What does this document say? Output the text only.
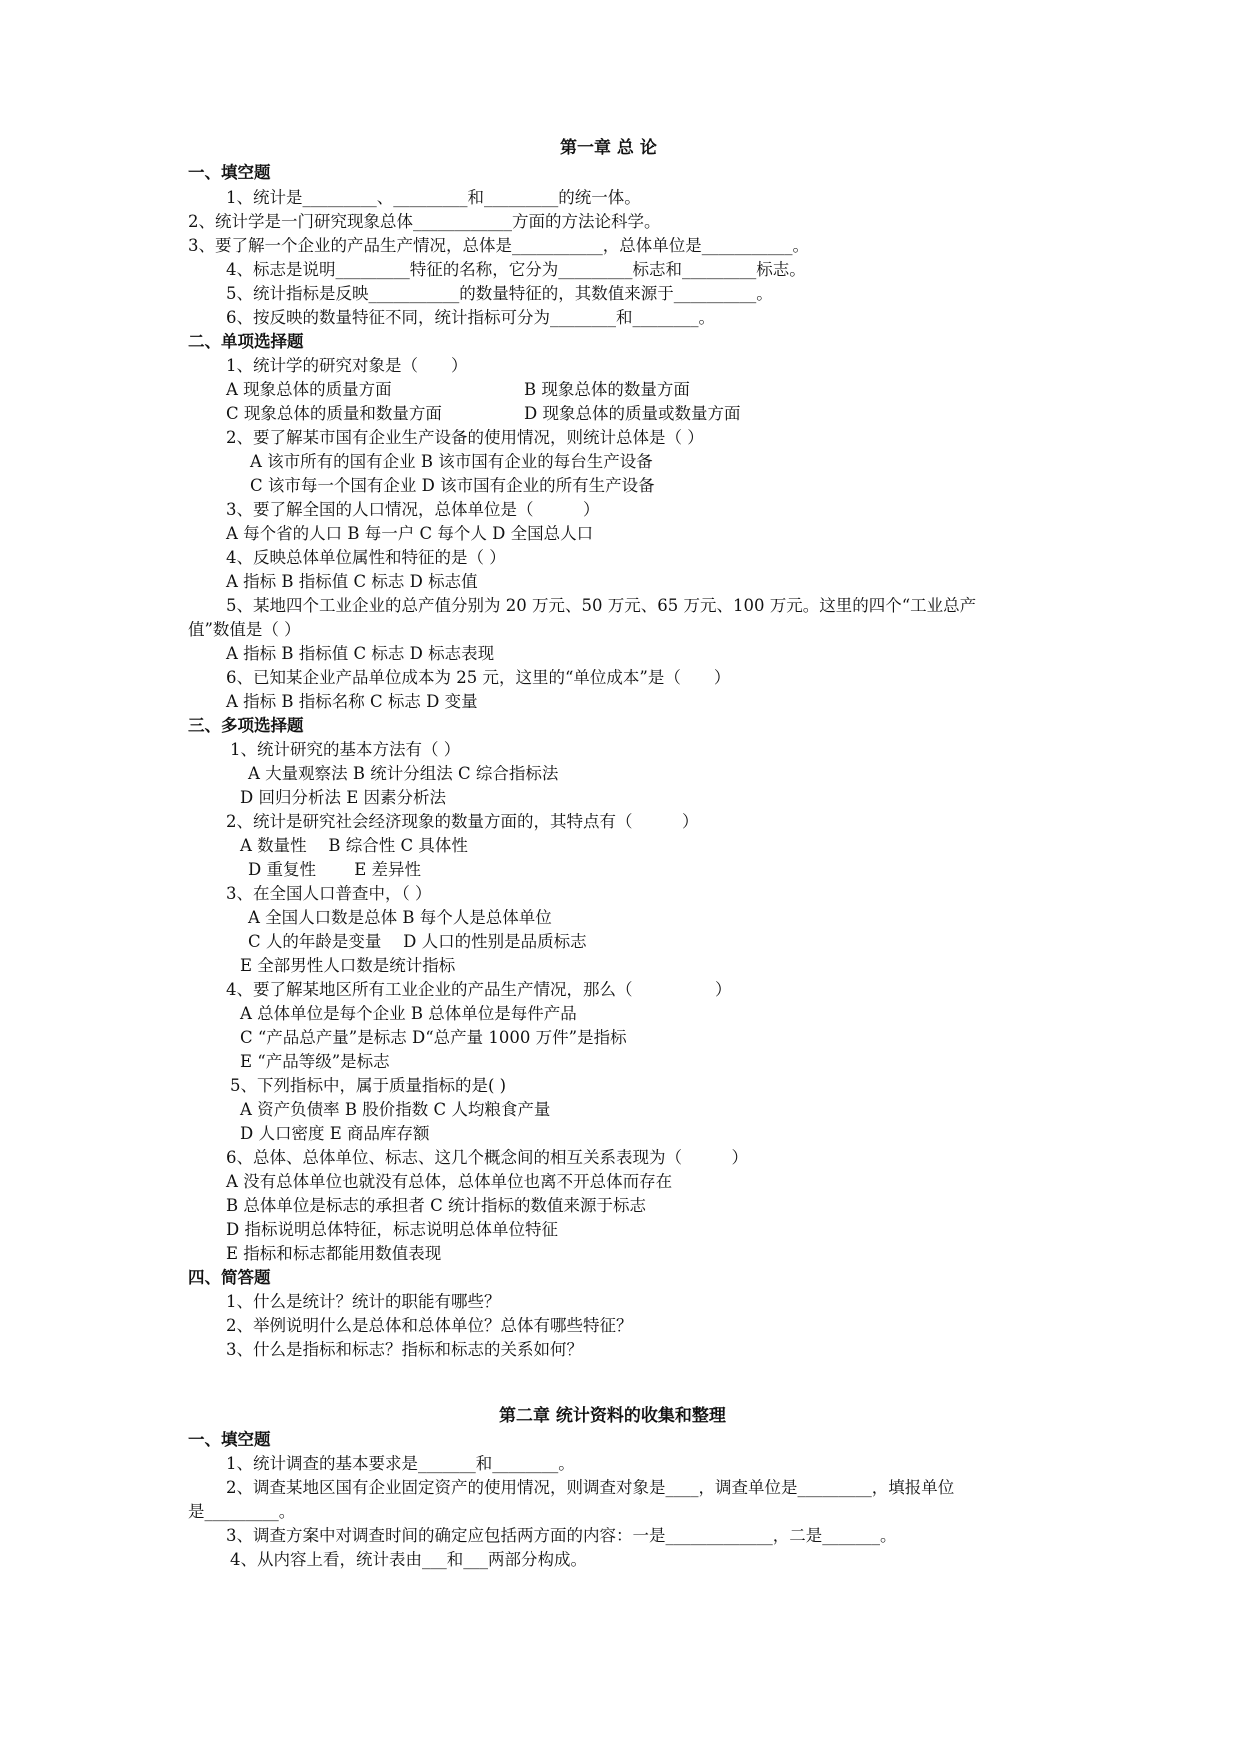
第一章 总 论
一、填空题
1、统计是_________、_________和_________的统一体。
2、统计学是一门研究现象总体____________方面的方法论科学。
3、要了解一个企业的产品生产情况，总体是___________，总体单位是___________。
4、标志是说明_________特征的名称，它分为_________标志和_________标志。
5、统计指标是反映___________的数量特征的，其数值来源于__________。
6、按反映的数量特征不同，统计指标可分为________和________。
二、单项选择题
1、统计学的研究对象是（　　）
A 现象总体的质量方面	B 现象总体的数量方面
C 现象总体的质量和数量方面	D 现象总体的质量或数量方面
2、要了解某市国有企业生产设备的使用情况，则统计总体是（ ）
A 该市所有的国有企业 B 该市国有企业的每台生产设备
C 该市每一个国有企业 D 该市国有企业的所有生产设备
3、要了解全国的人口情况，总体单位是（　　　）
A 每个省的人口 B 每一户 C 每个人 D 全国总人口
4、反映总体单位属性和特征的是（ ）
A 指标 B 指标值 C 标志 D 标志值
5、某地四个工业企业的总产值分别为 20 万元、50 万元、65 万元、100 万元。这里的四个“工业总产
值”数值是（ ）
A 指标 B 指标值 C 标志 D 标志表现
6、已知某企业产品单位成本为 25 元，这里的“单位成本”是（　　）
A 指标 B 指标名称 C 标志 D 变量
三、多项选择题
1、统计研究的基本方法有（ ）
A 大量观察法 B 统计分组法 C 综合指标法
D 回归分析法 E 因素分析法
2、统计是研究社会经济现象的数量方面的，其特点有（　　　）
A 数量性　 B 综合性 C 具体性
D 重复性　　 E 差异性
3、在全国人口普查中，（ ）
A 全国人口数是总体 B 每个人是总体单位
C 人的年龄是变量　 D 人口的性别是品质标志
E 全部男性人口数是统计指标
4、要了解某地区所有工业企业的产品生产情况，那么（　　　　　）
A 总体单位是每个企业 B 总体单位是每件产品
C “产品总产量”是标志 D“总产量 1000 万件”是指标
E “产品等级”是标志
5、下列指标中，属于质量指标的是( )
A 资产负债率 B 股价指数 C 人均粮食产量
D 人口密度 E 商品库存额
6、总体、总体单位、标志、这几个概念间的相互关系表现为（　　　）
A 没有总体单位也就没有总体，总体单位也离不开总体而存在
B 总体单位是标志的承担者 C 统计指标的数值来源于标志
D 指标说明总体特征，标志说明总体单位特征
E 指标和标志都能用数值表现
四、简答题
1、什么是统计？统计的职能有哪些？
2、举例说明什么是总体和总体单位？总体有哪些特征？
3、什么是指标和标志？指标和标志的关系如何？
第二章 统计资料的收集和整理
一、填空题
1、统计调查的基本要求是_______和________。
2、调查某地区国有企业固定资产的使用情况，则调查对象是____，调查单位是_________，填报单位
是_________。
3、调查方案中对调查时间的确定应包括两方面的内容：一是_____________，二是_______。
4、从内容上看，统计表由___和___两部分构成。
